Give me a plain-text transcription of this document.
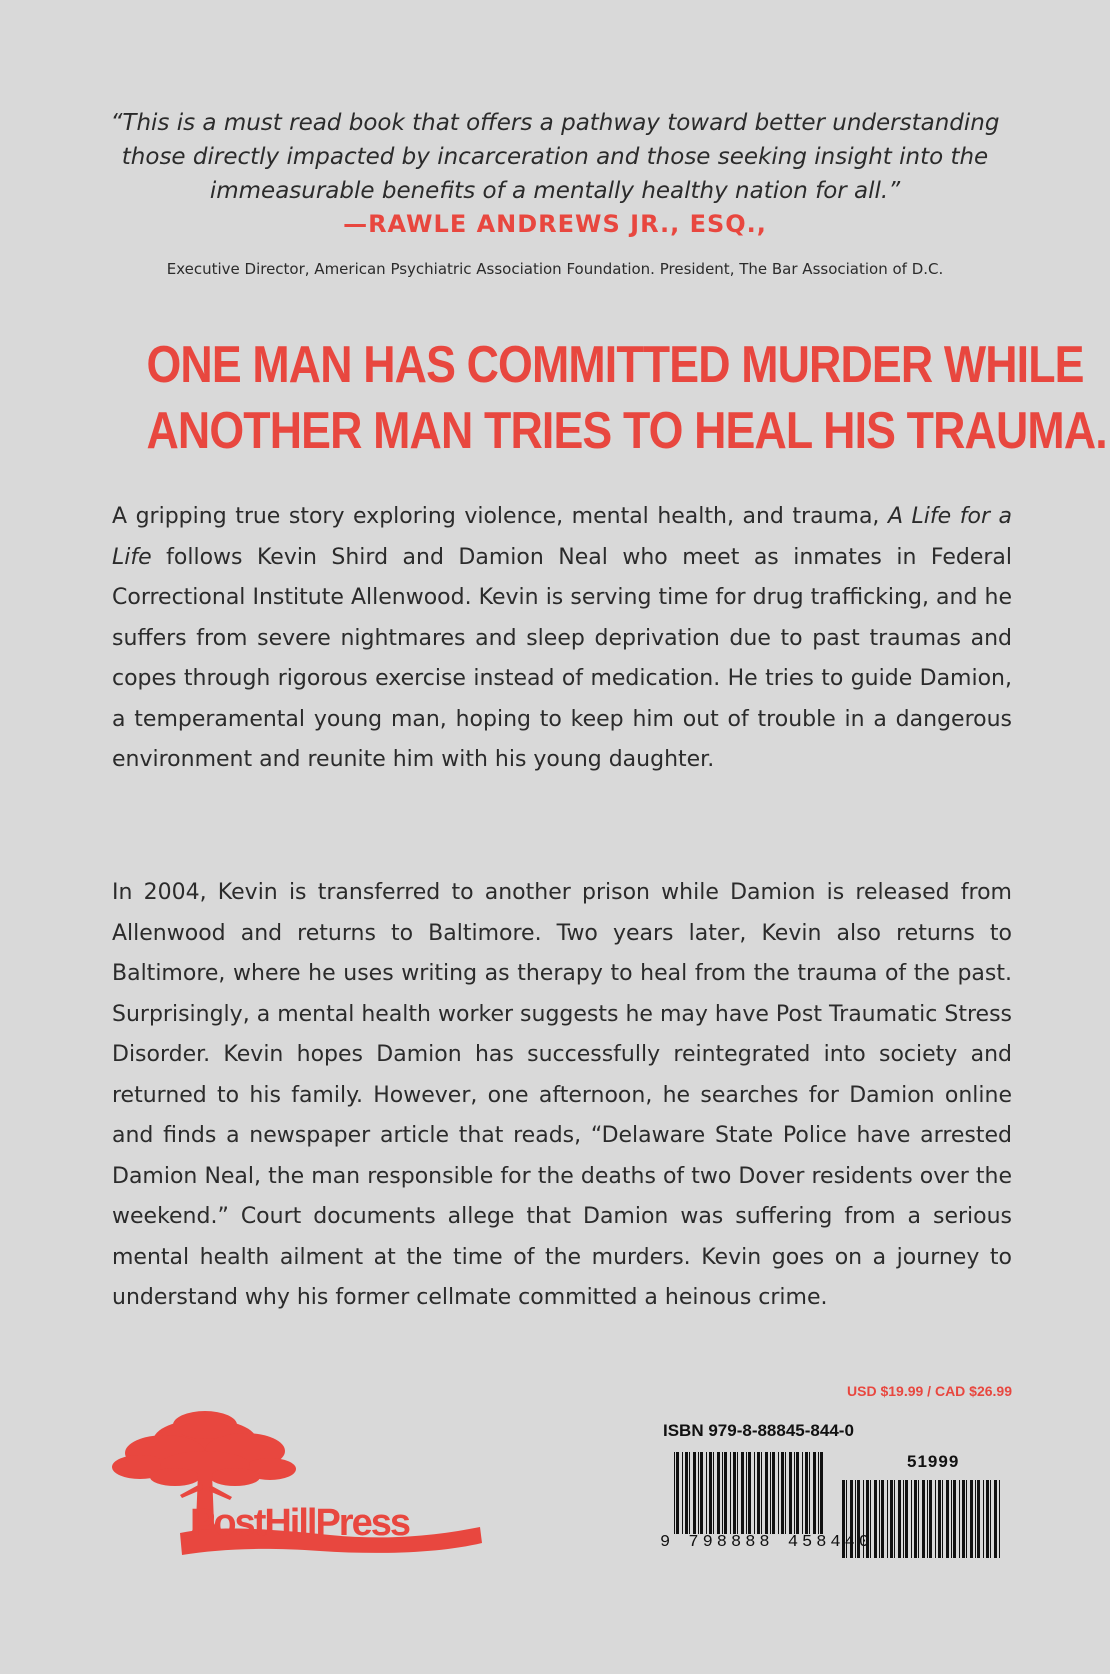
“This is a must read book that offers a pathway toward better understanding those directly impacted by incarceration and those seeking insight into the immeasurable benefits of a mentally healthy nation for all.”

—RAWLE ANDREWS JR., ESQ.,
Executive Director, American Psychiatric Association Foundation. President, The Bar Association of D.C.
ONE MAN HAS COMMITTED MURDER WHILE
ANOTHER MAN TRIES TO HEAL HIS TRAUMA.

A gripping true story exploring violence, mental health, and trauma, A Life for a Life follows Kevin Shird and Damion Neal who meet as inmates in Federal Correctional Institute Allenwood. Kevin is serving time for drug trafficking, and he suffers from severe nightmares and sleep deprivation due to past traumas and copes through rigorous exercise instead of medication. He tries to guide Damion, a temperamental young man, hoping to keep him out of trouble in a dangerous environment and reunite him with his young daughter.

In 2004, Kevin is transferred to another prison while Damion is released from Allenwood and returns to Baltimore. Two years later, Kevin also returns to Baltimore, where he uses writing as therapy to heal from the trauma of the past. Surprisingly, a mental health worker suggests he may have Post Traumatic Stress Disorder. Kevin hopes Damion has successfully reintegrated into society and returned to his family. However, one afternoon, he searches for Damion online and finds a newspaper article that reads, “Delaware State Police have arrested Damion Neal, the man responsible for the deaths of two Dover residents over the weekend.” Court documents allege that Damion was suffering from a serious mental health ailment at the time of the murders. Kevin goes on a journey to understand why his former cellmate committed a heinous crime.

USD $19.99 / CAD $26.99
PostHillPress
ISBN 979-8-88845-844-0
51999
9 798888 458440
